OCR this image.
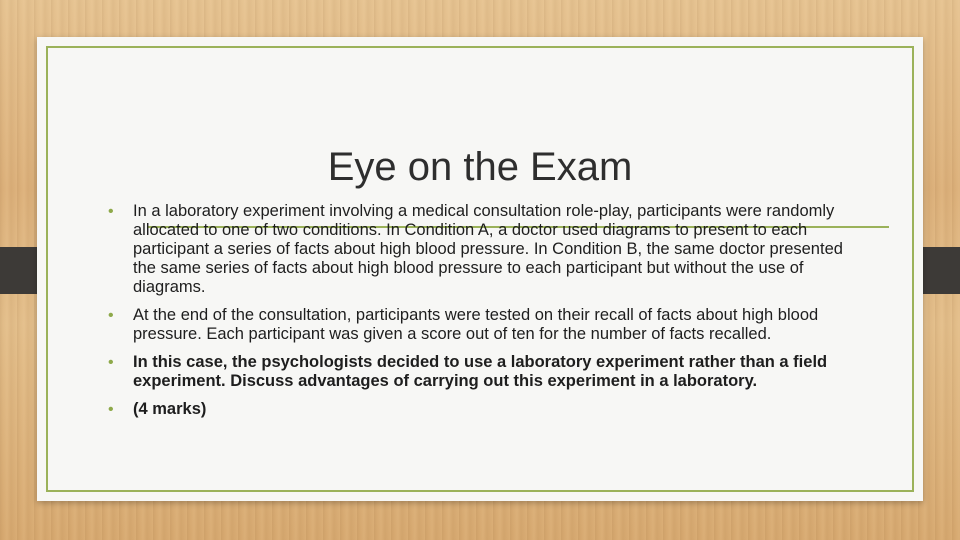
Eye on the Exam
•	In a laboratory experiment involving a medical consultation role-play, participants were randomly allocated to one of two conditions. In Condition A, a doctor used diagrams to present to each participant a series of facts about high blood pressure. In Condition B, the same doctor presented the same series of facts about high blood pressure to each participant but without the use of diagrams.
•	At the end of the consultation, participants were tested on their recall of facts about high blood pressure. Each participant was given a score out of ten for the number of facts recalled.
•	In this case, the psychologists decided to use a laboratory experiment rather than a field experiment. Discuss advantages of carrying out this experiment in a laboratory.
•	(4 marks)
